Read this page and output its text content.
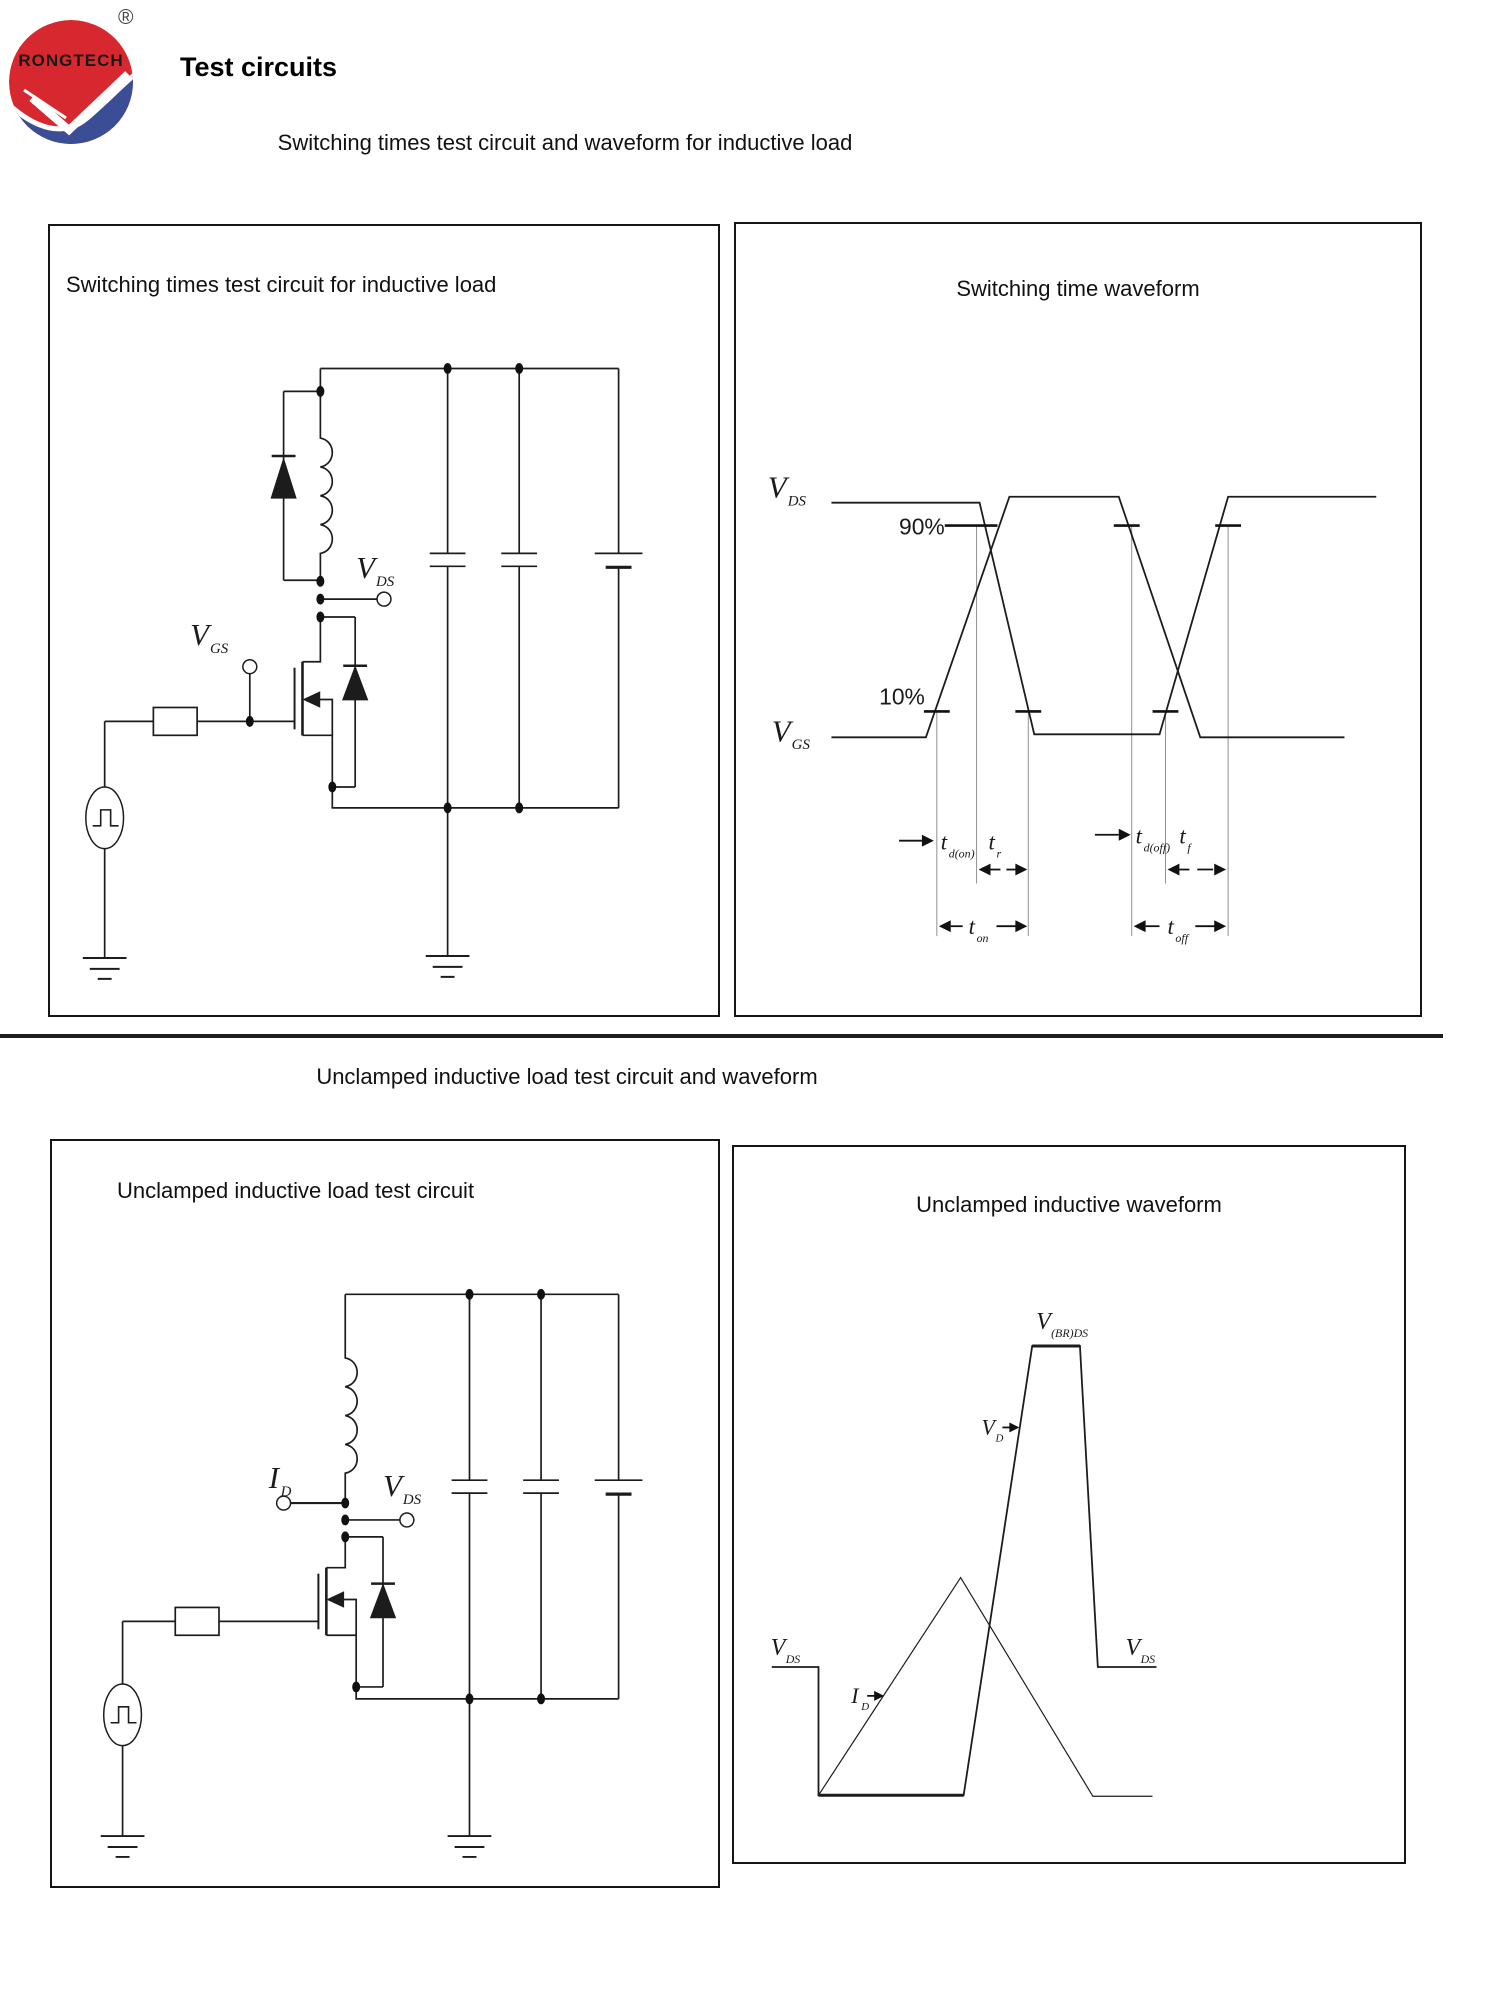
RONGTECH
®
Test circuits
Switching times test circuit and waveform for inductive load
V DS
V GS
Switching times test circuit for inductive load
90%
10%
V DS
V GS
t d(on) t r
t on
t d(off) t f
t off
Switching time waveform
Unclamped inductive load test circuit and waveform
I D	V DS
Unclamped inductive load test circuit
V (BR)DS
V D
I D
V DS	V DS
Unclamped inductive waveform
